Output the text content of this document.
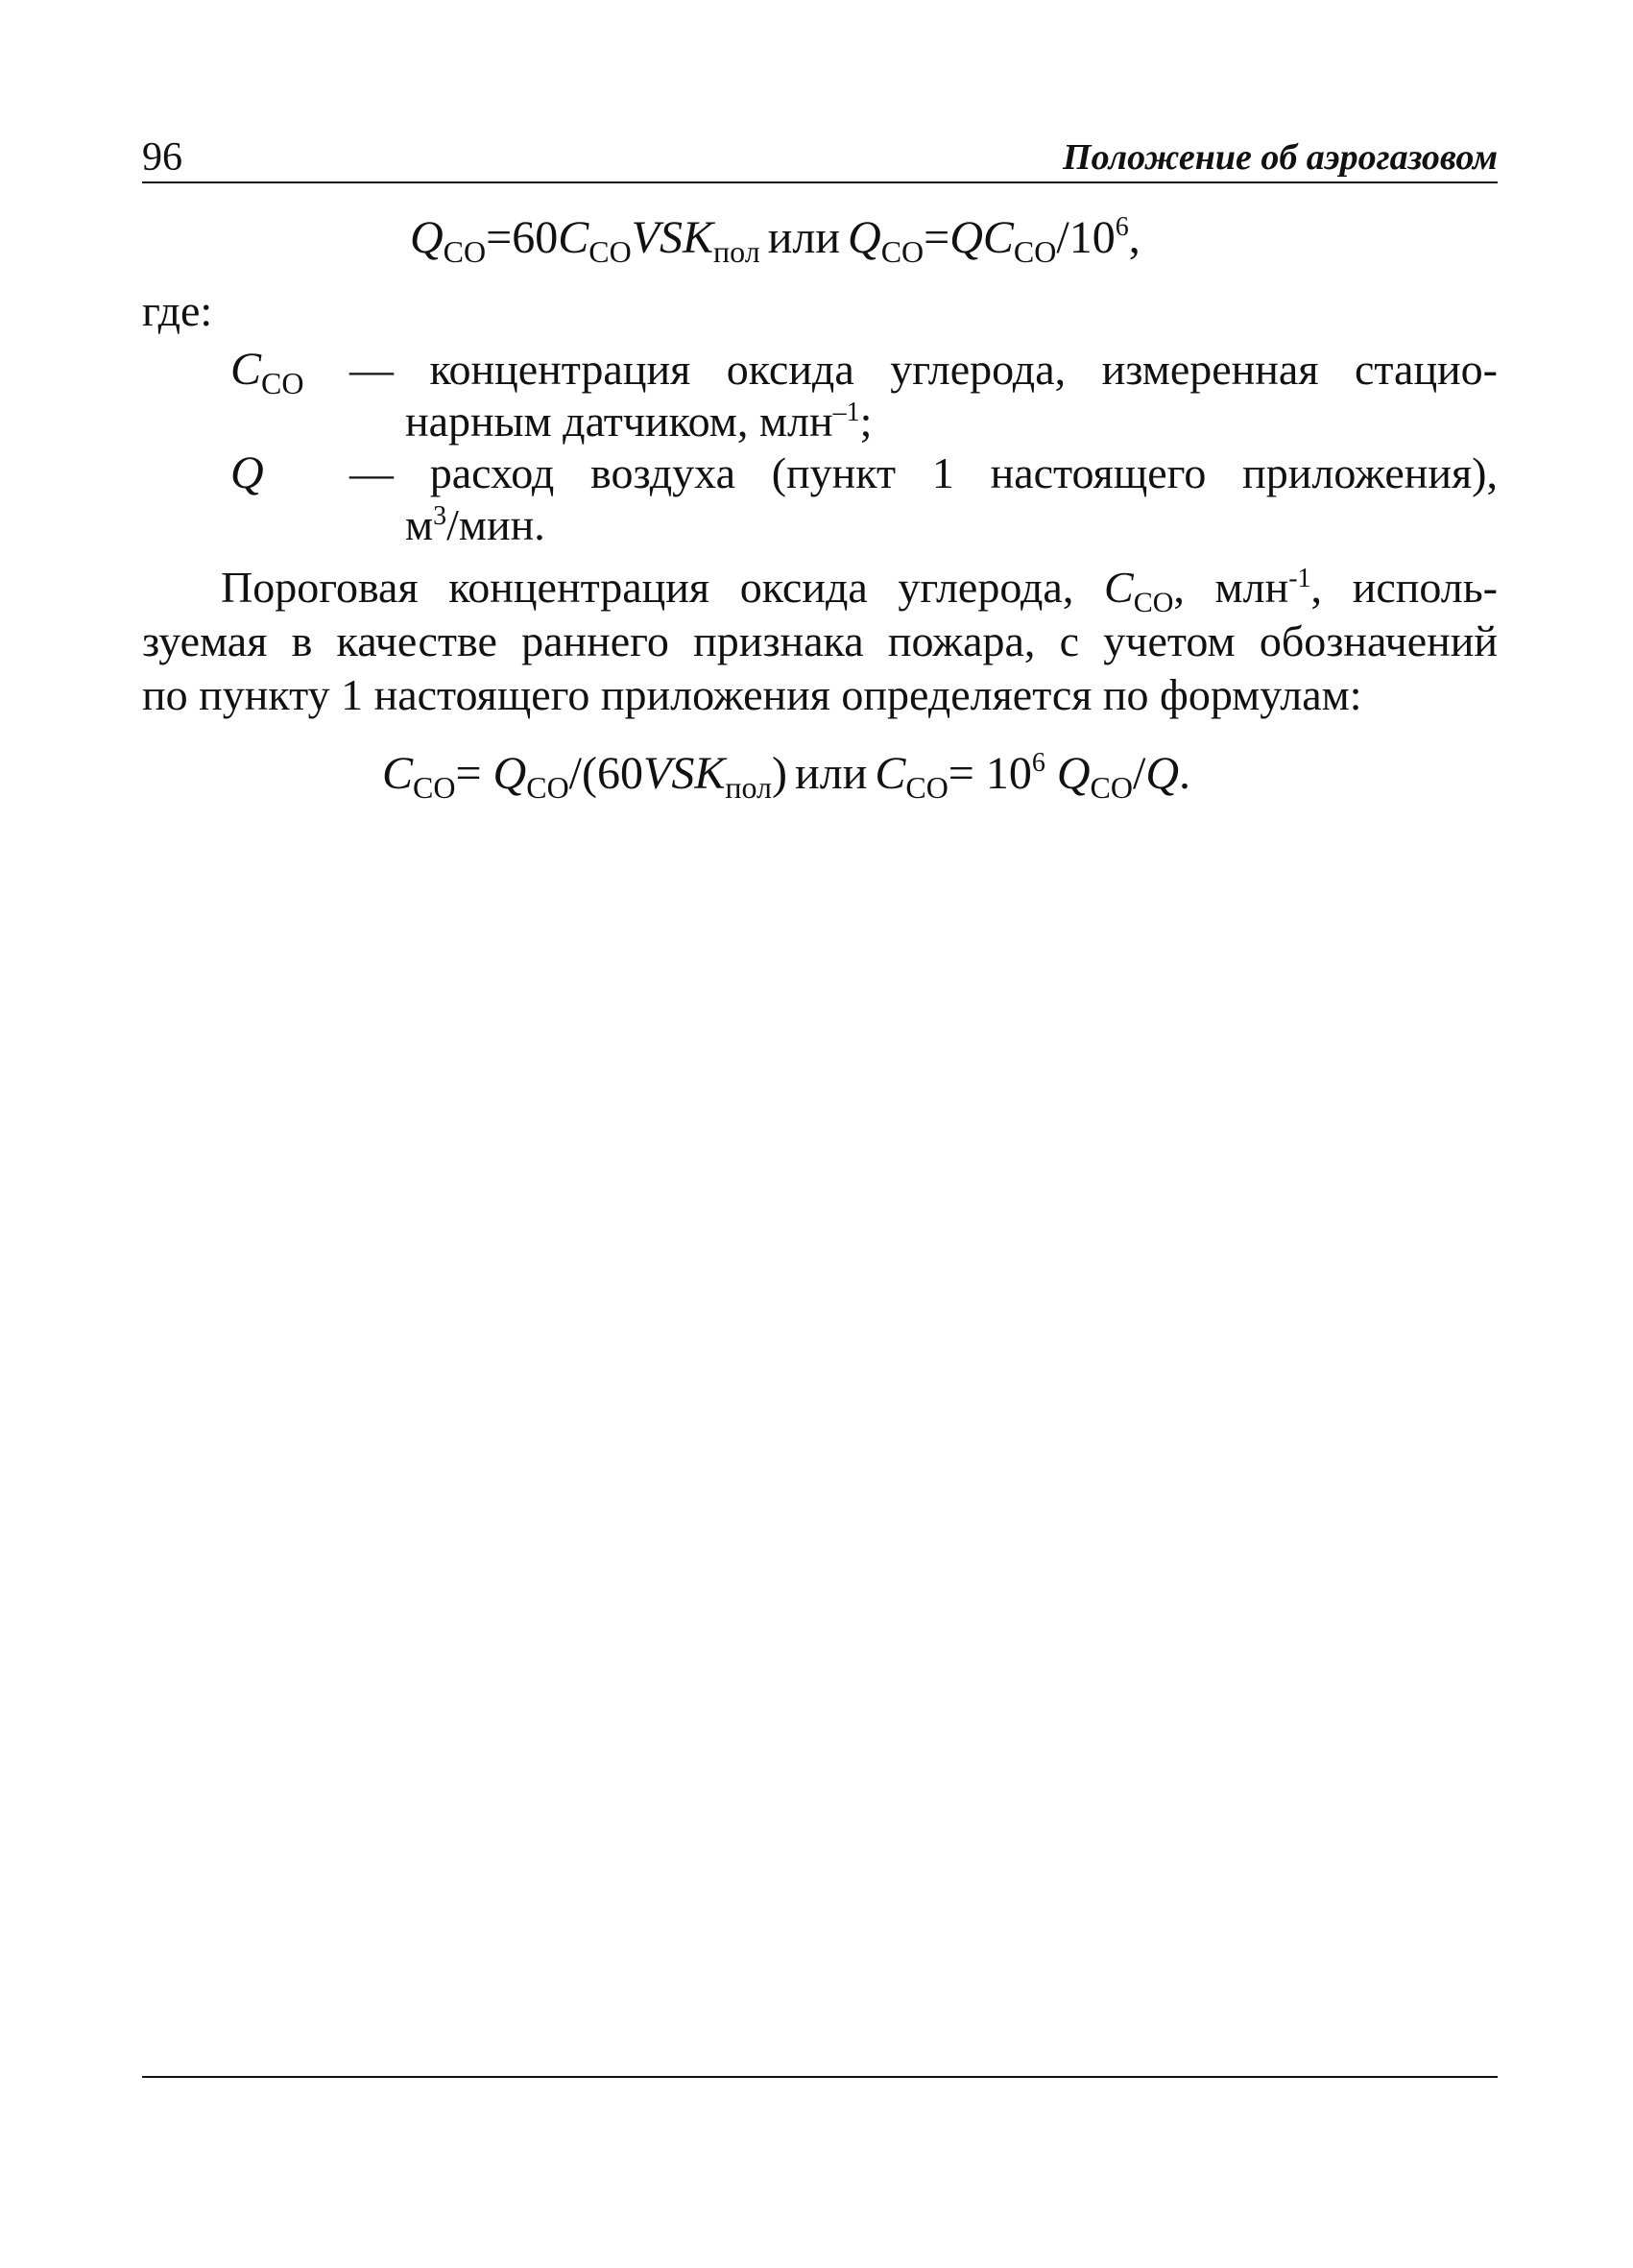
96	Положение об аэрогазовом
$Q_{CO}=60C_{CO}VSK_{пол}$ или $Q_{CO}=QC_{CO}/10^6$,
где:
$C_{CO}$ — концентрация оксида углерода, измеренная стацио-
нарным датчиком, млн$^{-1}$;
Q — расход воздуха (пункт 1 настоящего приложения),
$м^3$/мин.
Пороговая концентрация оксида углерода, $C_{CO}$, млн$^{-1}$, исполь-
зуемая в качестве раннего признака пожара, с учетом обозначений
по пункту 1 настоящего приложения определяется по формулам:
$C_{CO}= Q_{CO}/(60VSK_{пол})$ или $C_{CO}= 10^6$ $Q_{CO}/Q$.
